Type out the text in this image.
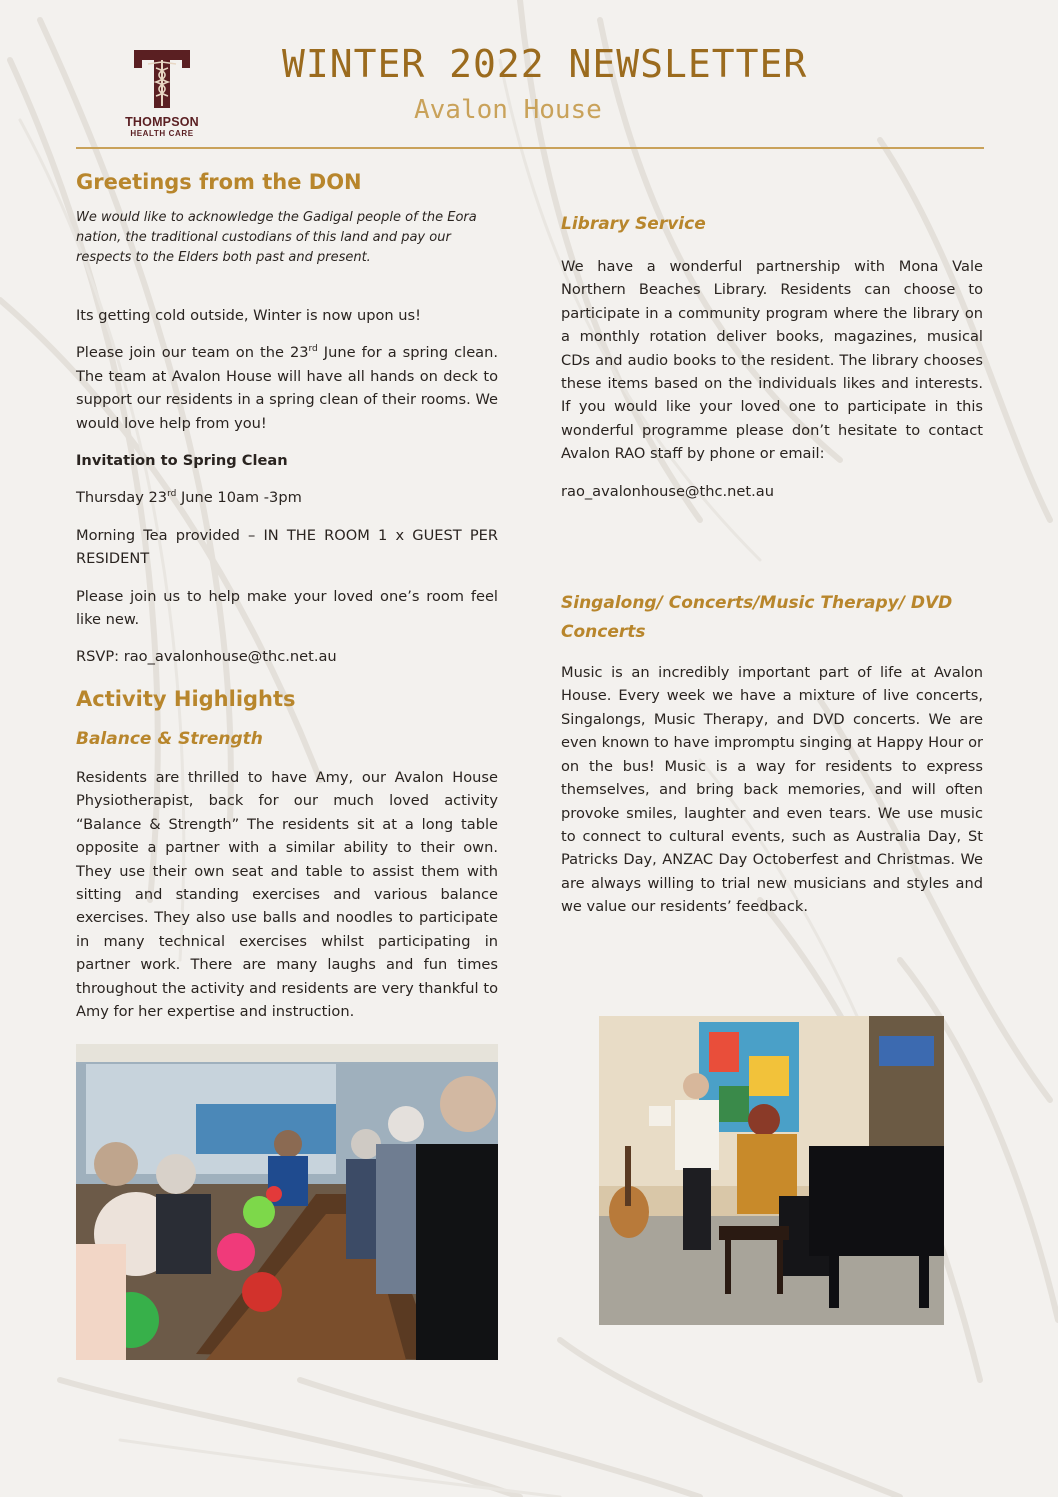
THOMPSON
HEALTH CARE
WINTER 2022 NEWSLETTER
Avalon House
Greetings from the DON

We would like to acknowledge the Gadigal people of the Eora nation, the traditional custodians of this land and pay our respects to the Elders both past and present.

Its getting cold outside, Winter is now upon us!

Please join our team on the 23rd June for a spring clean. The team at Avalon House will have all hands on deck to support our residents in a spring clean of their rooms. We would love help from you!

Invitation to Spring Clean

Thursday 23rd June 10am -3pm

Morning Tea provided – IN THE ROOM 1 x GUEST PER RESIDENT

Please join us to help make your loved one’s room feel like new.

RSVP: rao_avalonhouse@thc.net.au

Activity Highlights
Balance & Strength

Residents are thrilled to have Amy, our Avalon House Physiotherapist, back for our much loved activity “Balance & Strength” The residents sit at a long table opposite a partner with a similar ability to their own. They use their own seat and table to assist them with sitting and standing exercises and various balance exercises. They also use balls and noodles to participate in many technical exercises whilst participating in partner work. There are many laughs and fun times throughout the activity and residents are very thankful to Amy for her expertise and instruction.

Library Service

We have a wonderful partnership with Mona Vale Northern Beaches Library. Residents can choose to participate in a community program where the library on a monthly rotation deliver books, magazines, musical CDs and audio books to the resident. The library chooses these items based on the individuals likes and interests. If you would like your loved one to participate in this wonderful programme please don’t hesitate to contact Avalon RAO staff by phone or email:

rao_avalonhouse@thc.net.au

Singalong/ Concerts/Music Therapy/ DVD Concerts

Music is an incredibly important part of life at Avalon House. Every week we have a mixture of live concerts, Singalongs, Music Therapy, and DVD concerts. We are even known to have impromptu singing at Happy Hour or on the bus! Music is a way for residents to express themselves, and bring back memories, and will often provoke smiles, laughter and even tears. We use music to connect to cultural events, such as Australia Day, St Patricks Day, ANZAC Day Octoberfest and Christmas. We are always willing to trial new musicians and styles and we value our residents’ feedback.
